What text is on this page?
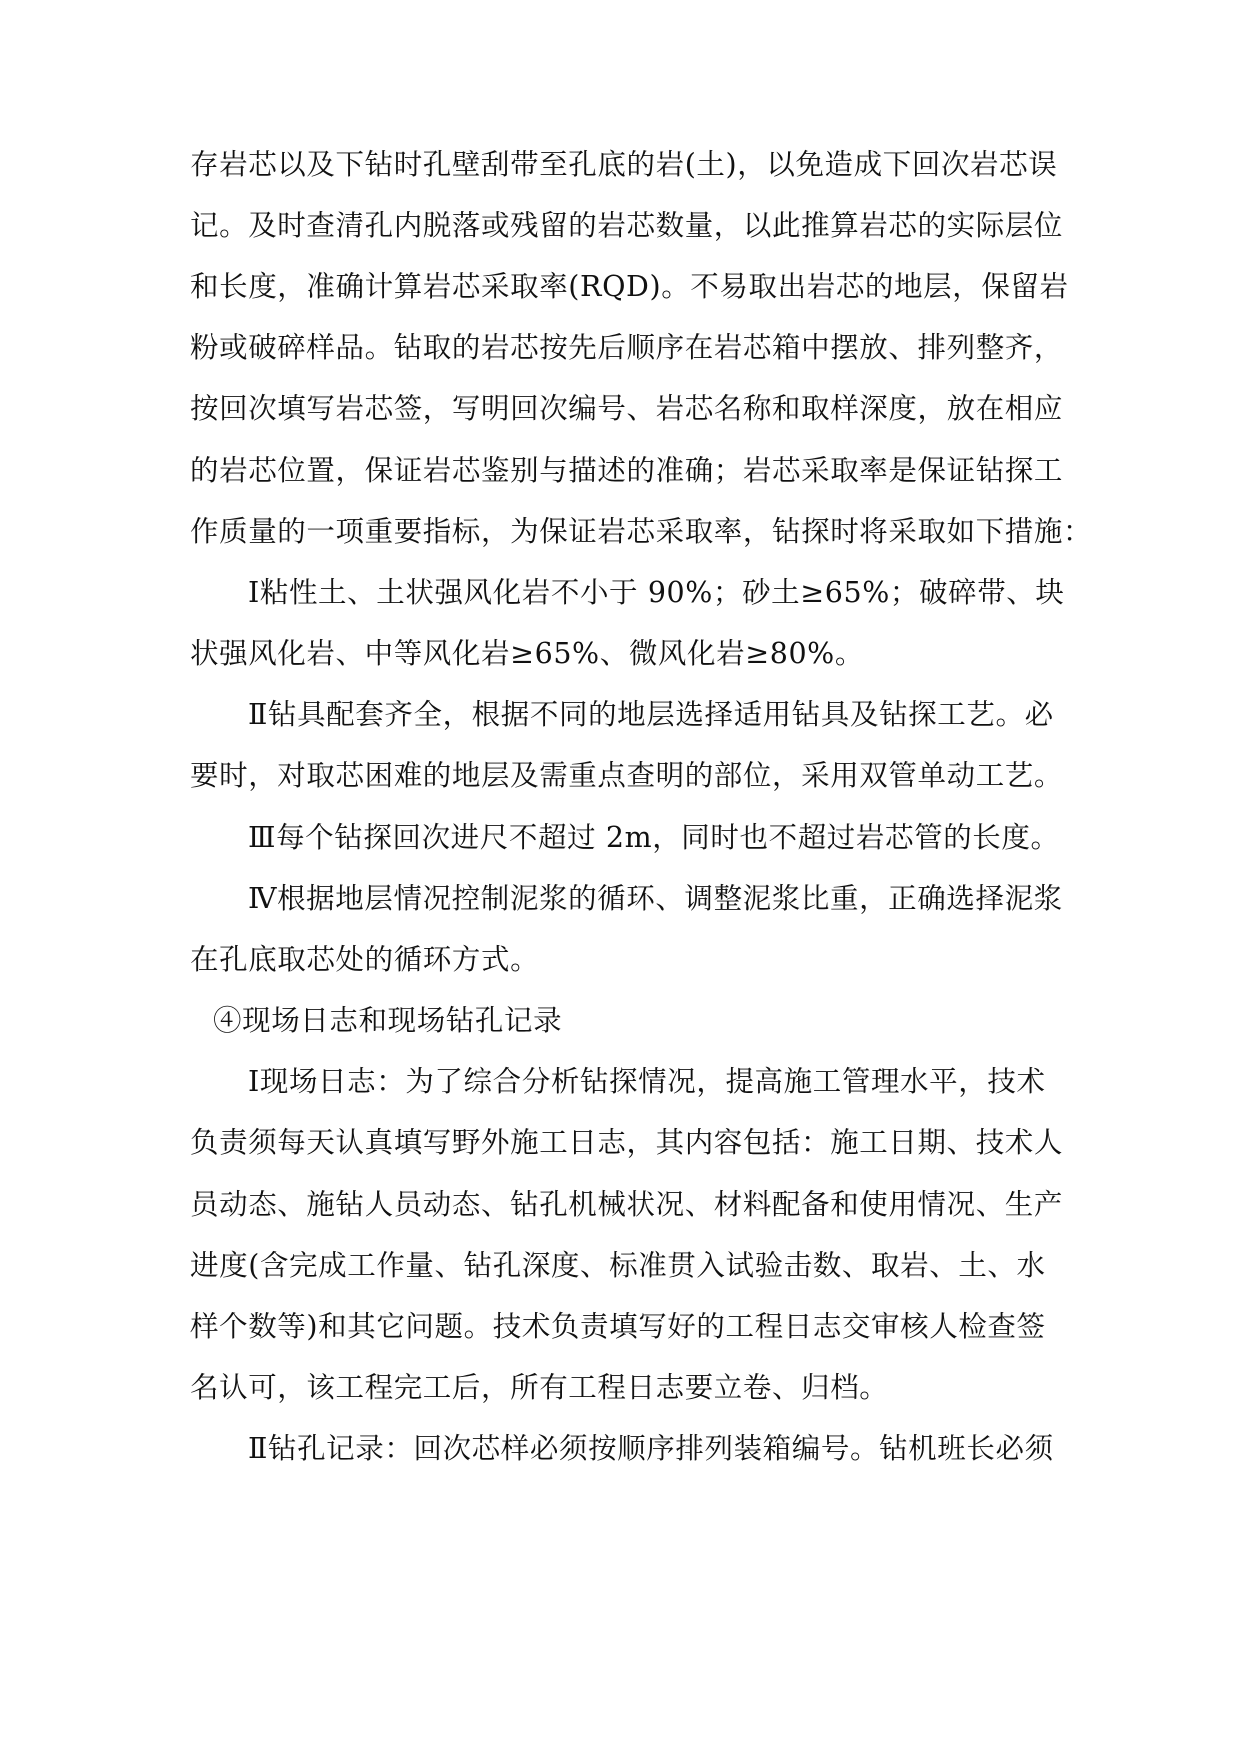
存岩芯以及下钻时孔壁刮带至孔底的岩(土)，以免造成下回次岩芯误
记。及时查清孔内脱落或残留的岩芯数量，以此推算岩芯的实际层位
和长度，准确计算岩芯采取率(RQD)。不易取出岩芯的地层，保留岩
粉或破碎样品。钻取的岩芯按先后顺序在岩芯箱中摆放、排列整齐，
按回次填写岩芯签，写明回次编号、岩芯名称和取样深度，放在相应
的岩芯位置，保证岩芯鉴别与描述的准确；岩芯采取率是保证钻探工
作质量的一项重要指标，为保证岩芯采取率，钻探时将采取如下措施：
Ⅰ粘性土、土状强风化岩不小于 90%；砂土≥65%；破碎带、块
状强风化岩、中等风化岩≥65%、微风化岩≥80%。
Ⅱ钻具配套齐全，根据不同的地层选择适用钻具及钻探工艺。必
要时，对取芯困难的地层及需重点查明的部位，采用双管单动工艺。
Ⅲ每个钻探回次进尺不超过 2m，同时也不超过岩芯管的长度。
Ⅳ根据地层情况控制泥浆的循环、调整泥浆比重，正确选择泥浆
在孔底取芯处的循环方式。
④现场日志和现场钻孔记录
Ⅰ现场日志：为了综合分析钻探情况，提高施工管理水平，技术
负责须每天认真填写野外施工日志，其内容包括：施工日期、技术人
员动态、施钻人员动态、钻孔机械状况、材料配备和使用情况、生产
进度(含完成工作量、钻孔深度、标准贯入试验击数、取岩、土、水
样个数等)和其它问题。技术负责填写好的工程日志交审核人检查签
名认可，该工程完工后，所有工程日志要立卷、归档。
Ⅱ钻孔记录：回次芯样必须按顺序排列装箱编号。钻机班长必须
